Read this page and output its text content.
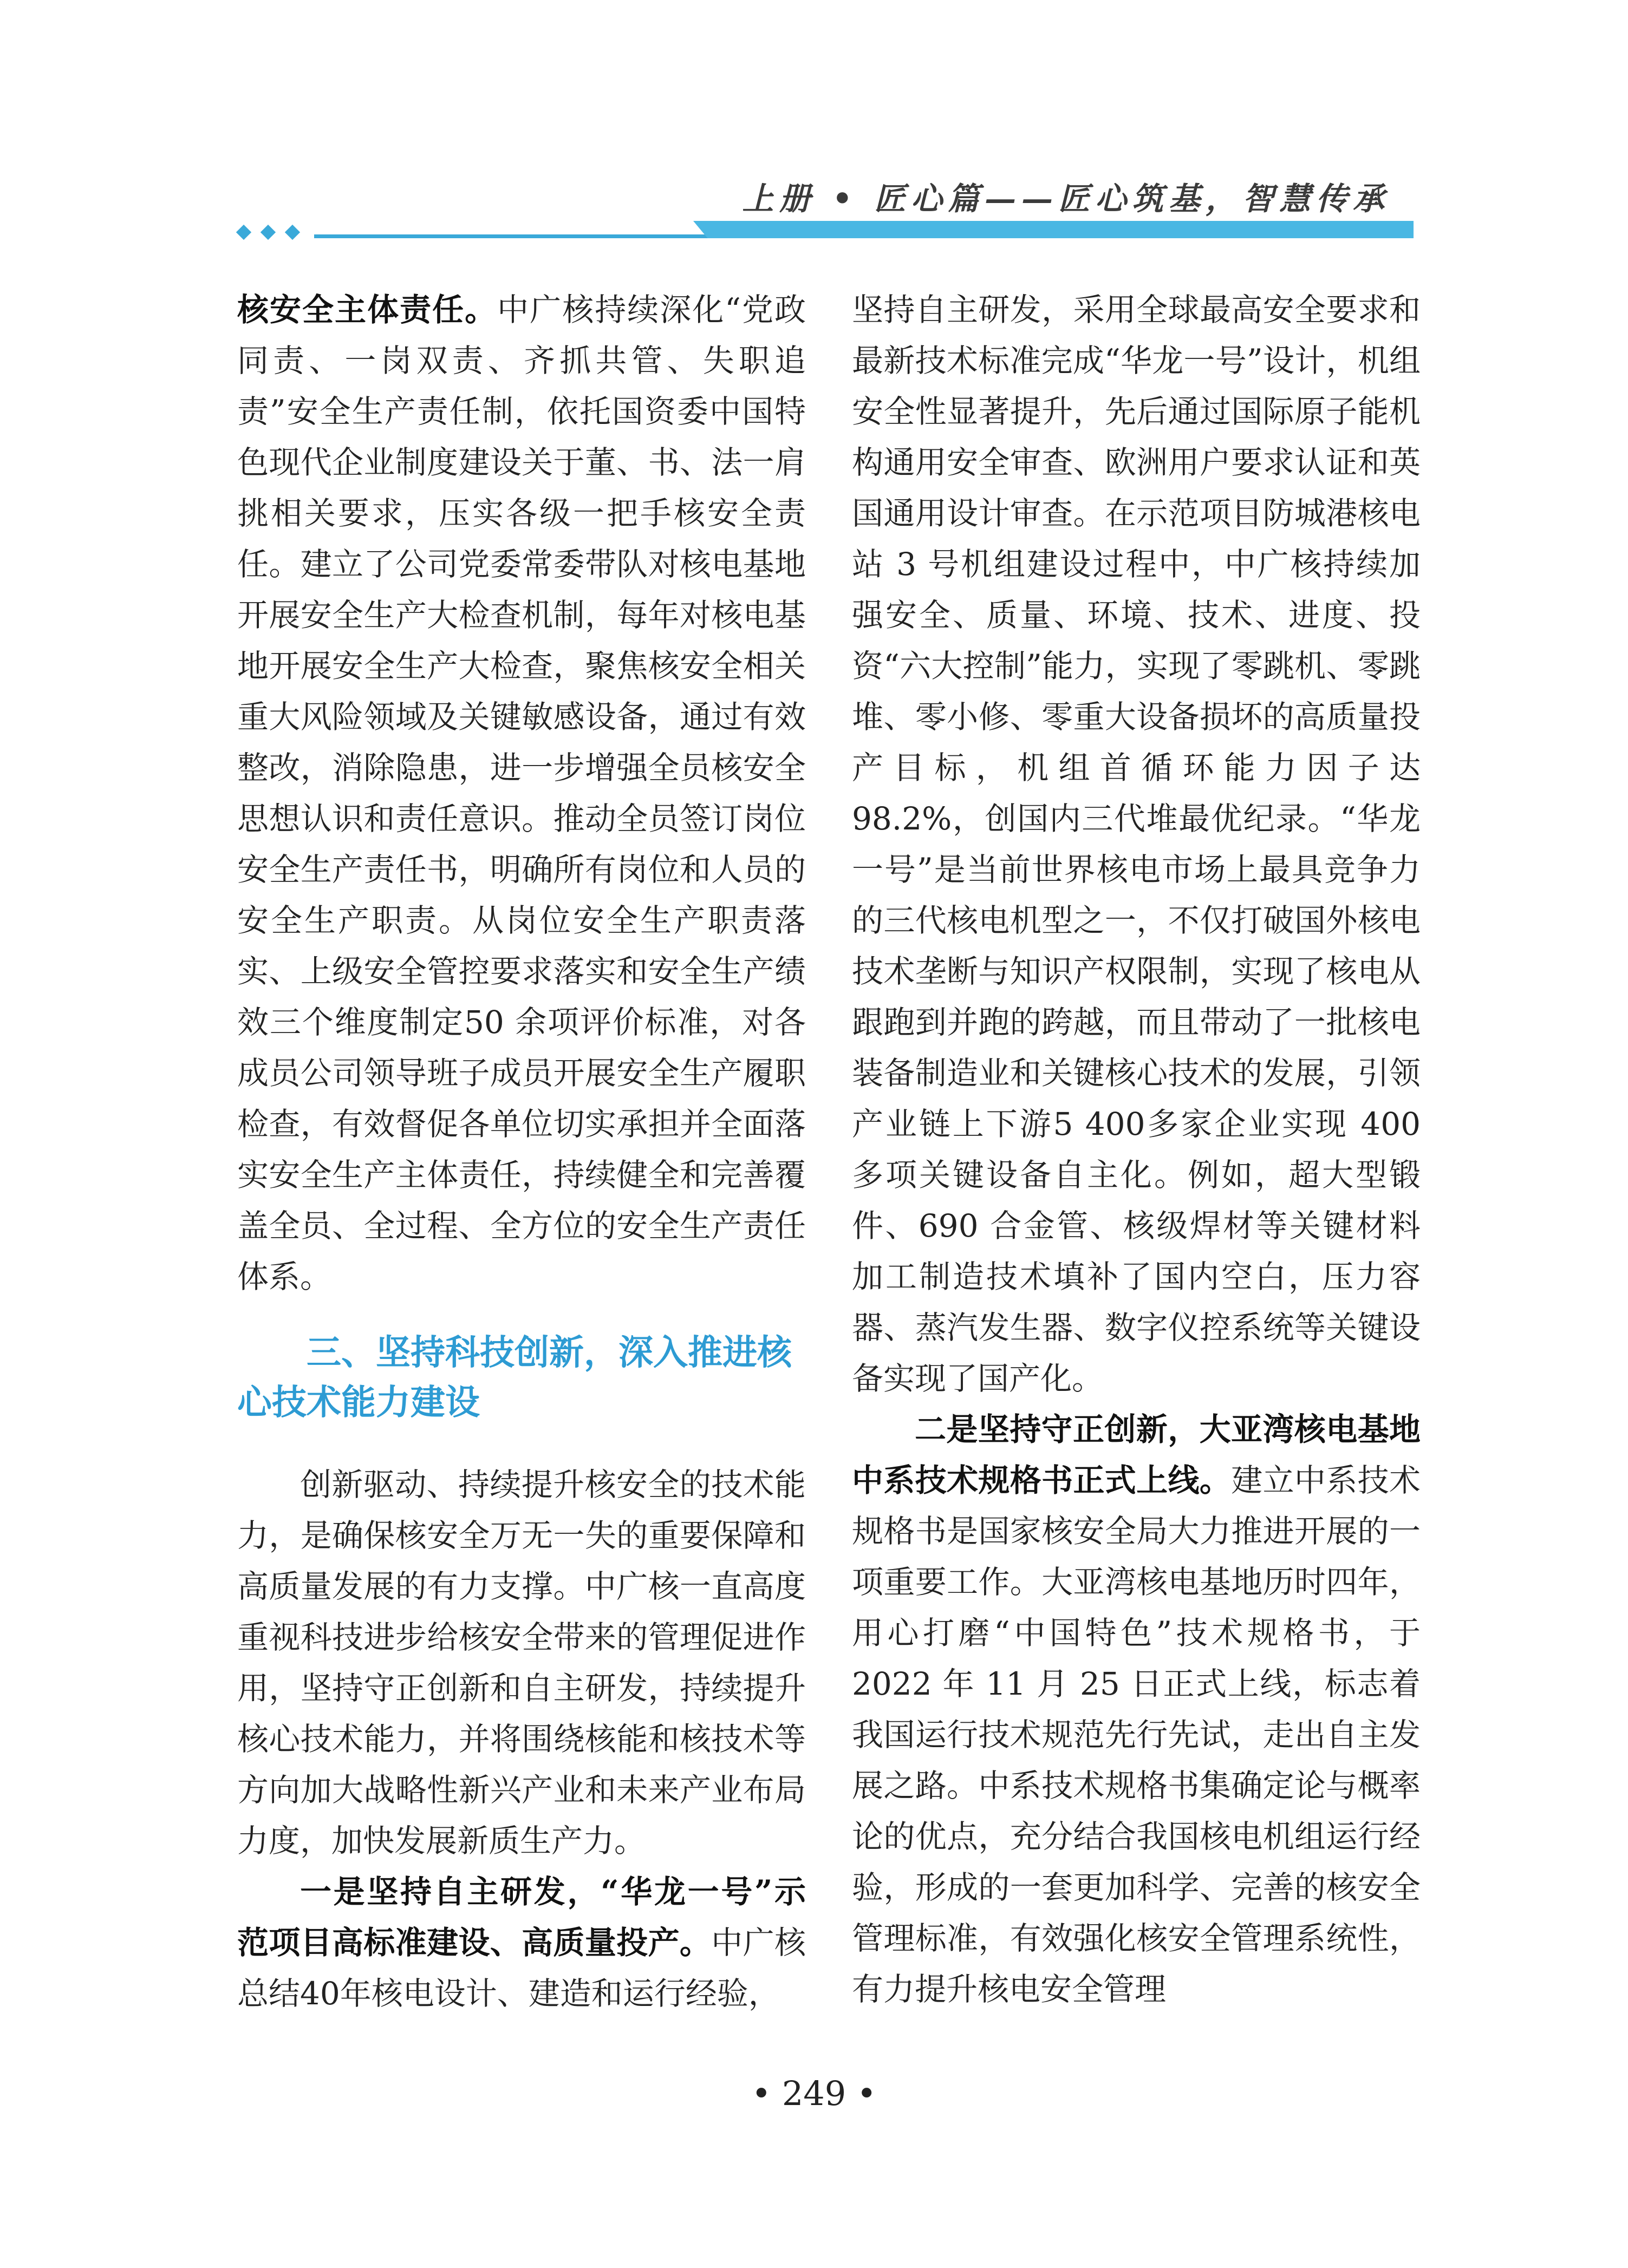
上册 • 匠心篇——匠心筑基，智慧传承

核安全主体责任。中广核持续深化“党政同责、一岗双责、齐抓共管、失职追责”安全生产责任制，依托国资委中国特色现代企业制度建设关于董、书、法一肩挑相关要求，压实各级一把手核安全责任。建立了公司党委常委带队对核电基地开展安全生产大检查机制，每年对核电基地开展安全生产大检查，聚焦核安全相关重大风险领域及关键敏感设备，通过有效整改，消除隐患，进一步增强全员核安全思想认识和责任意识。推动全员签订岗位安全生产责任书，明确所有岗位和人员的安全生产职责。从岗位安全生产职责落实、上级安全管控要求落实和安全生产绩效三个维度制定50 余项评价标准，对各成员公司领导班子成员开展安全生产履职检查，有效督促各单位切实承担并全面落实安全生产主体责任，持续健全和完善覆盖全员、全过程、全方位的安全生产责任体系。

三、坚持科技创新，深入推进核心技术能力建设

创新驱动、持续提升核安全的技术能力，是确保核安全万无一失的重要保障和高质量发展的有力支撑。中广核一直高度重视科技进步给核安全带来的管理促进作用，坚持守正创新和自主研发，持续提升核心技术能力，并将围绕核能和核技术等方向加大战略性新兴产业和未来产业布局力度，加快发展新质生产力。

一是坚持自主研发，“华龙一号”示范项目高标准建设、高质量投产。中广核总结40年核电设计、建造和运行经验，

坚持自主研发，采用全球最高安全要求和最新技术标准完成“华龙一号”设计，机组安全性显著提升，先后通过国际原子能机构通用安全审查、欧洲用户要求认证和英国通用设计审查。在示范项目防城港核电站 3 号机组建设过程中，中广核持续加强安全、质量、环境、技术、进度、投资“六大控制”能力，实现了零跳机、零跳堆、零小修、零重大设备损坏的高质量投产目标，机组首循环能力因子达 98.2%，创国内三代堆最优纪录。“华龙一号”是当前世界核电市场上最具竞争力的三代核电机型之一，不仅打破国外核电技术垄断与知识产权限制，实现了核电从跟跑到并跑的跨越，而且带动了一批核电装备制造业和关键核心技术的发展，引领产业链上下游5 400多家企业实现 400 多项关键设备自主化。例如，超大型锻件、690 合金管、核级焊材等关键材料加工制造技术填补了国内空白，压力容器、蒸汽发生器、数字仪控系统等关键设备实现了国产化。

二是坚持守正创新，大亚湾核电基地中系技术规格书正式上线。建立中系技术规格书是国家核安全局大力推进开展的一项重要工作。大亚湾核电基地历时四年，用心打磨“中国特色”技术规格书，于 2022 年 11 月 25 日正式上线，标志着我国运行技术规范先行先试，走出自主发展之路。中系技术规格书集确定论与概率论的优点，充分结合我国核电机组运行经验，形成的一套更加科学、完善的核安全管理标准，有效强化核安全管理系统性，有力提升核电安全管理

• 249 •
